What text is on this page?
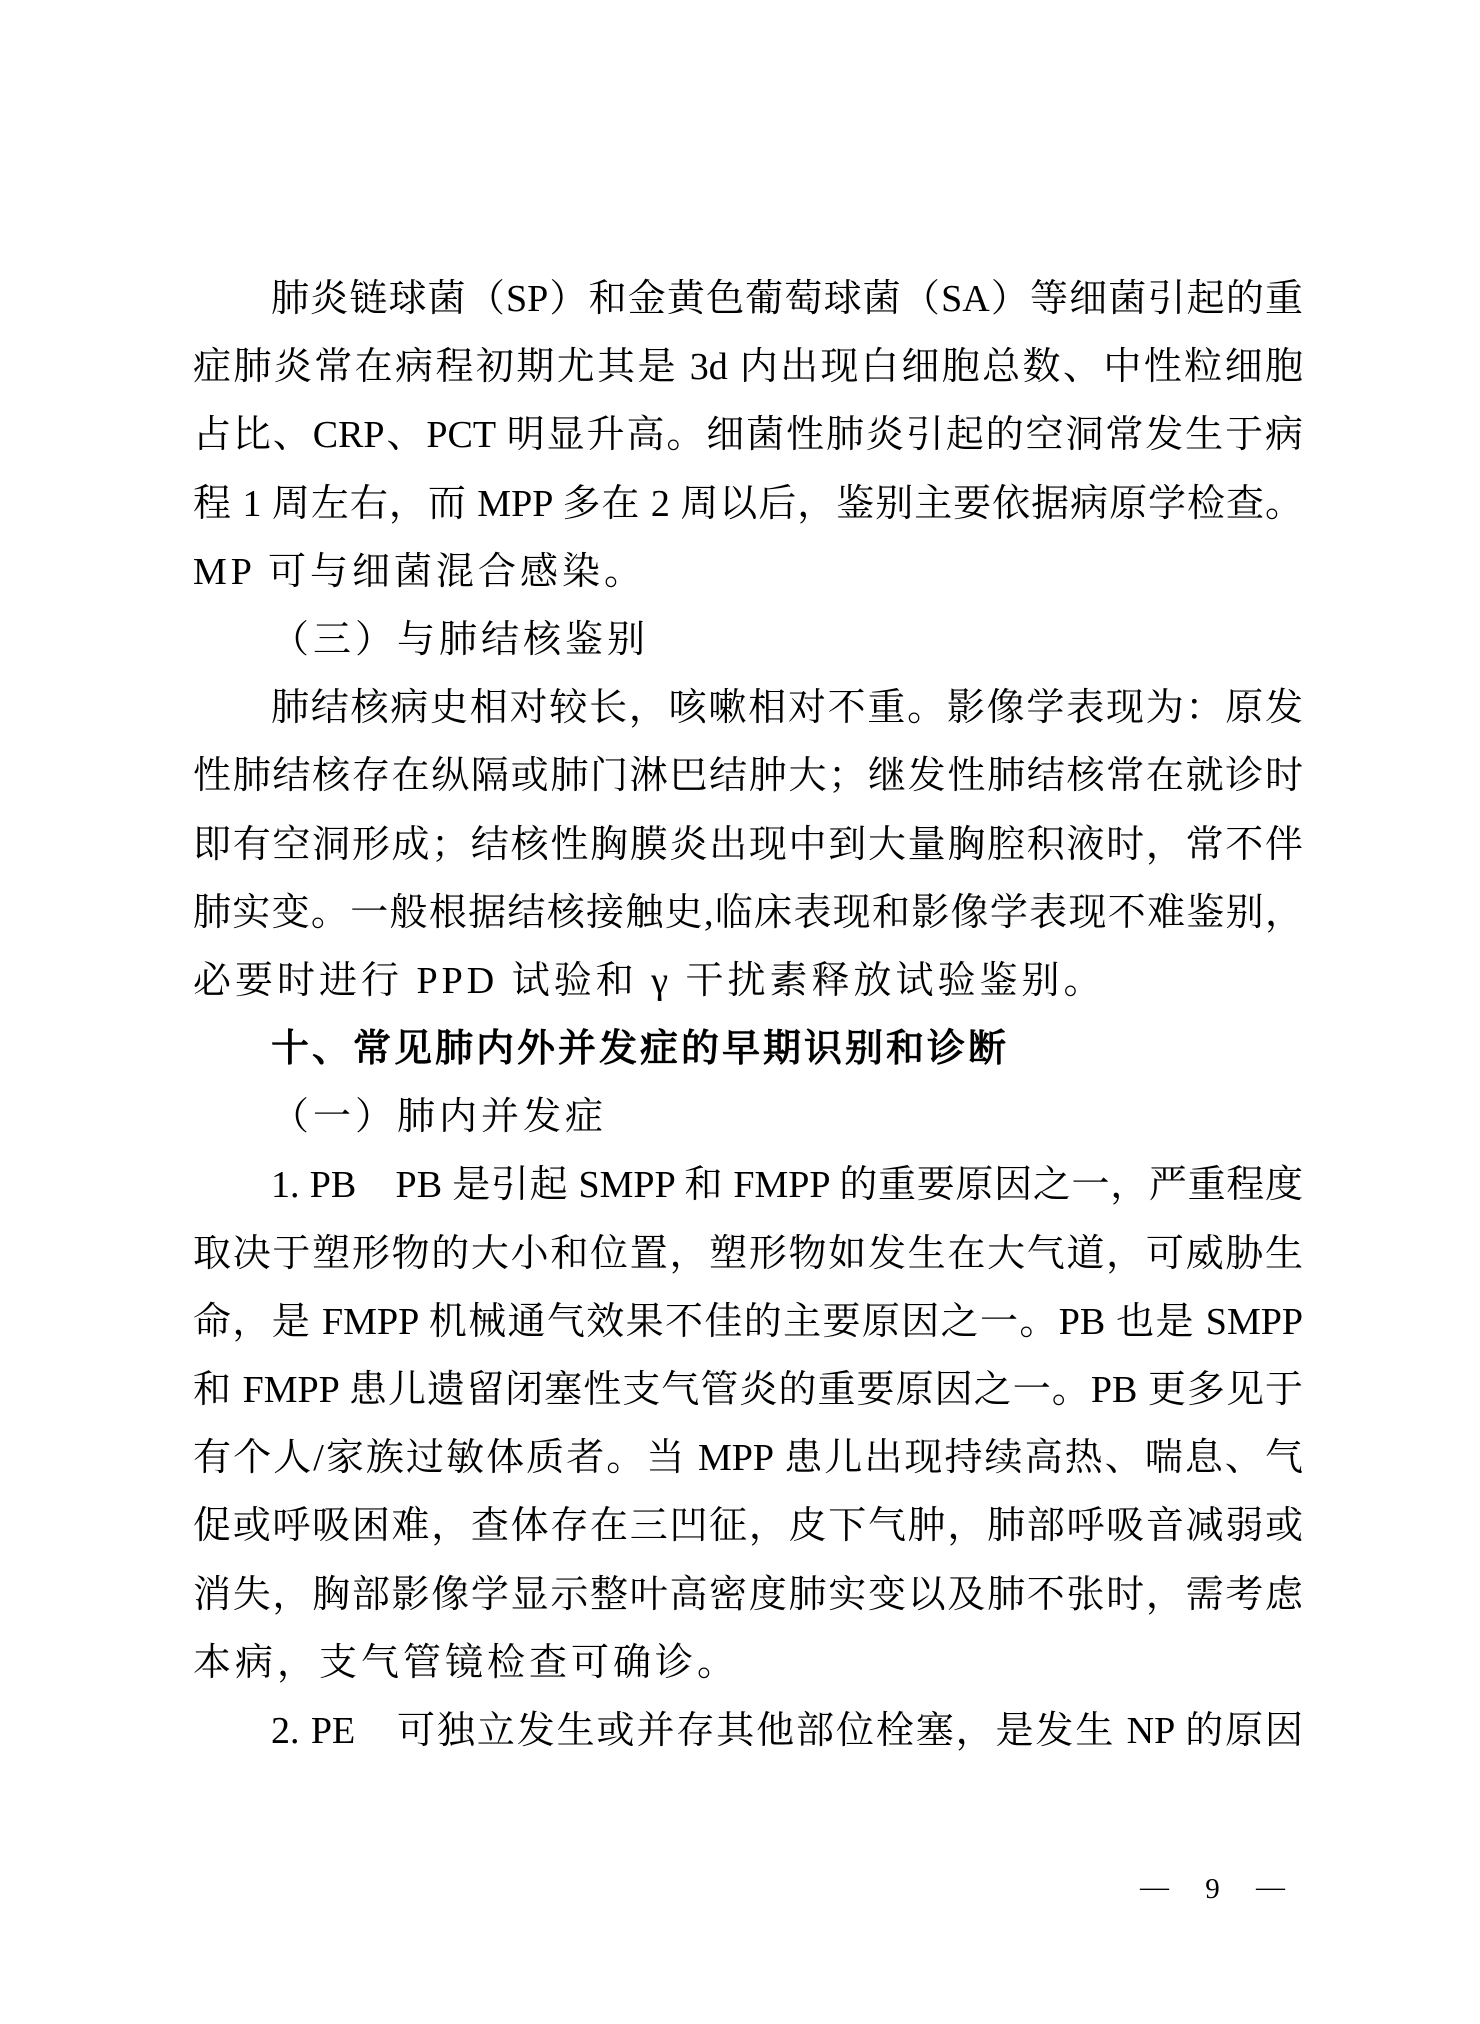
肺炎链球菌（SP）和金黄色葡萄球菌（SA）等细菌引起的重
症肺炎常在病程初期尤其是 3d 内出现白细胞总数、中性粒细胞
占比、CRP、PCT 明显升高。细菌性肺炎引起的空洞常发生于病
程 1 周左右，而 MPP 多在 2 周以后，鉴别主要依据病原学检查。
MP 可与细菌混合感染。
（三）与肺结核鉴别
肺结核病史相对较长，咳嗽相对不重。影像学表现为：原发
性肺结核存在纵隔或肺门淋巴结肿大；继发性肺结核常在就诊时
即有空洞形成；结核性胸膜炎出现中到大量胸腔积液时，常不伴
肺实变。一般根据结核接触史,临床表现和影像学表现不难鉴别，
必要时进行 PPD 试验和 γ 干扰素释放试验鉴别。
十、常见肺内外并发症的早期识别和诊断
（一）肺内并发症
1. PB　PB 是引起 SMPP 和 FMPP 的重要原因之一，严重程度
取决于塑形物的大小和位置，塑形物如发生在大气道，可威胁生
命，是 FMPP 机械通气效果不佳的主要原因之一。PB 也是 SMPP
和 FMPP 患儿遗留闭塞性支气管炎的重要原因之一。PB 更多见于
有个人/家族过敏体质者。当 MPP 患儿出现持续高热、喘息、气
促或呼吸困难，查体存在三凹征，皮下气肿，肺部呼吸音减弱或
消失，胸部影像学显示整叶高密度肺实变以及肺不张时，需考虑
本病，支气管镜检查可确诊。
2. PE　可独立发生或并存其他部位栓塞，是发生 NP 的原因
— 9 —
